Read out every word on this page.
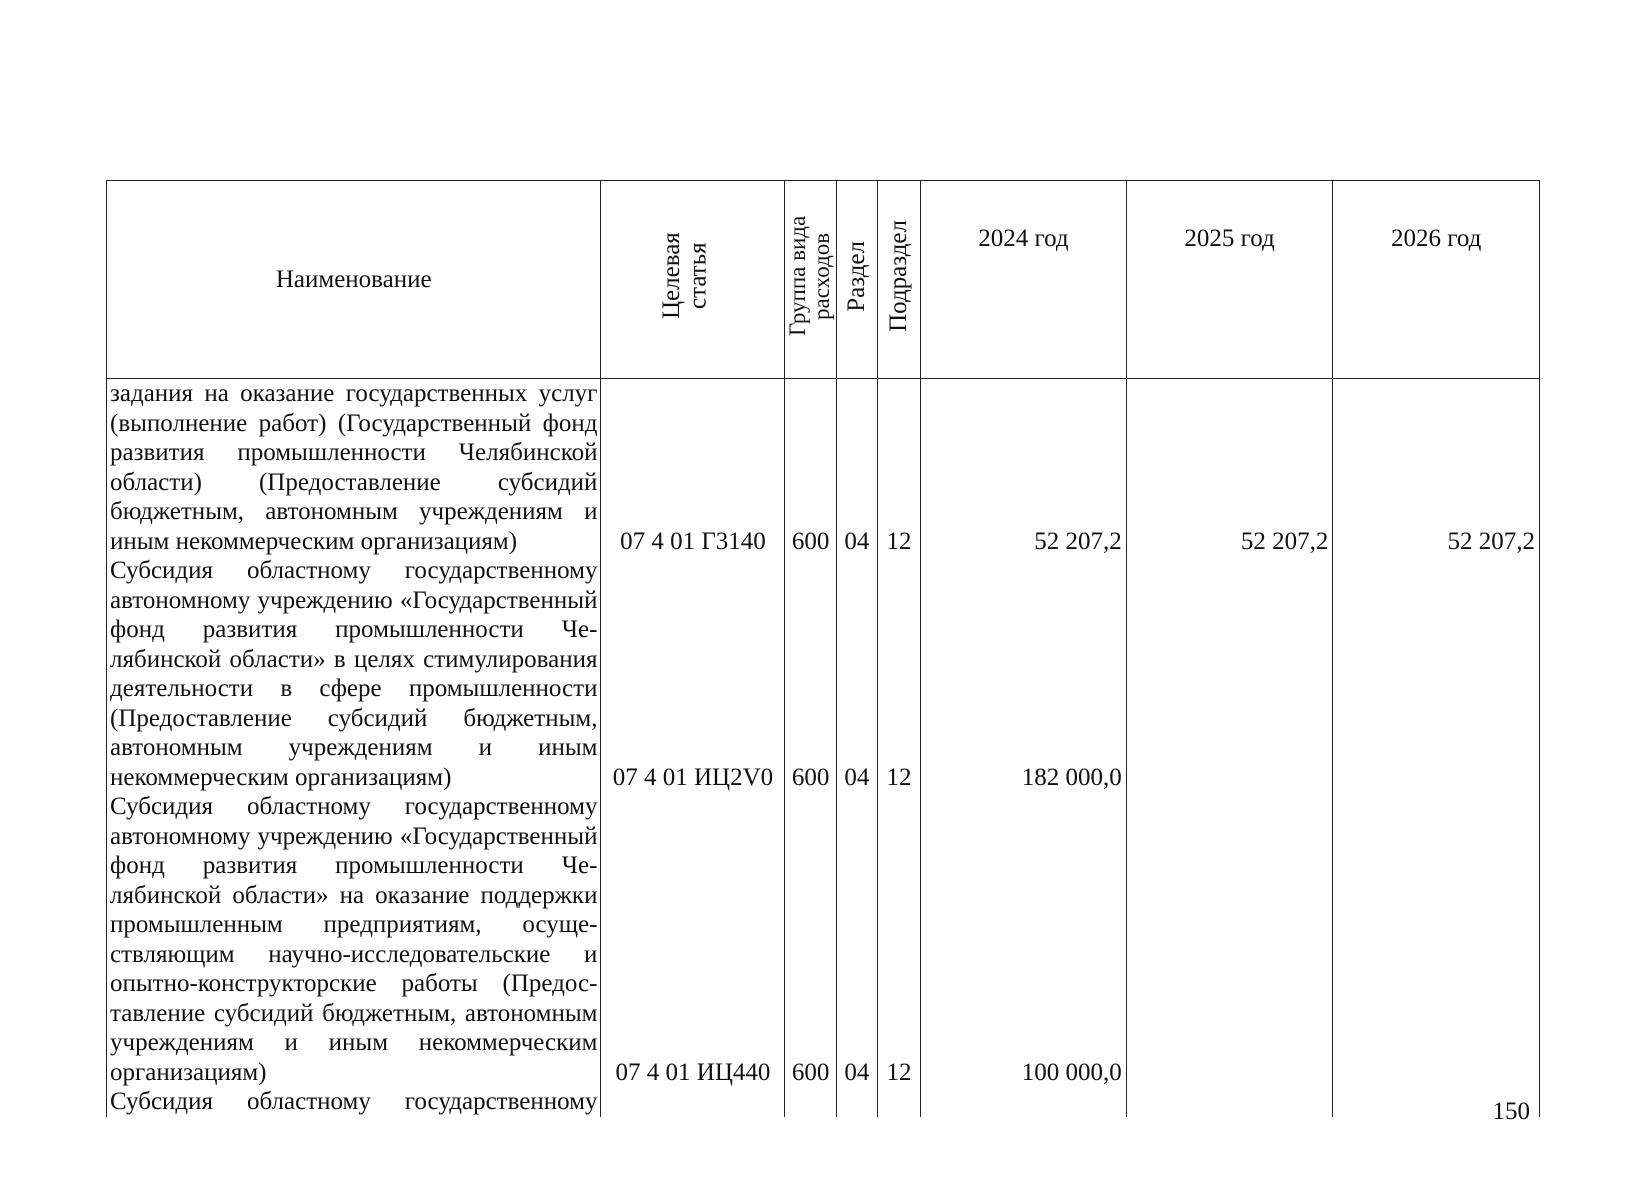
Наименование	Целевая статья	Группа вида расходов	Раздел	Подраздел	2024 год	2025 год	2026 год

задания на оказание государственных услуг (выполнение работ) (Государственный фонд развития промышленности Челябинской области) (Предоставление субсидий бюджетным, автономным учреждениям и иным некоммерческим организациям)	07 4 01 Г3140	600	04	12	52 207,2	52 207,2	52 207,2

Субсидия областному государственному автономному учреждению «Государственный фонд развития промышленности Челябинской области» в целях стимулирования деятельности в сфере промышленности (Предоставление субсидий бюджетным, автономным учреждениям и иным некоммерческим организациям)	07 4 01 ИЦ2V0	600	04	12	182 000,0		

Субсидия областному государственному автономному учреждению «Государственный фонд развития промышленности Челябинской области» на оказание поддержки промышленным предприятиям, осуществляющим научно-исследовательские и опытно-конструкторские работы (Предоставление субсидий бюджетным, автономным учреждениям и иным некоммерческим организациям)	07 4 01 ИЦ440	600	04	12	100 000,0		

Субсидия областному государственному							
								150
